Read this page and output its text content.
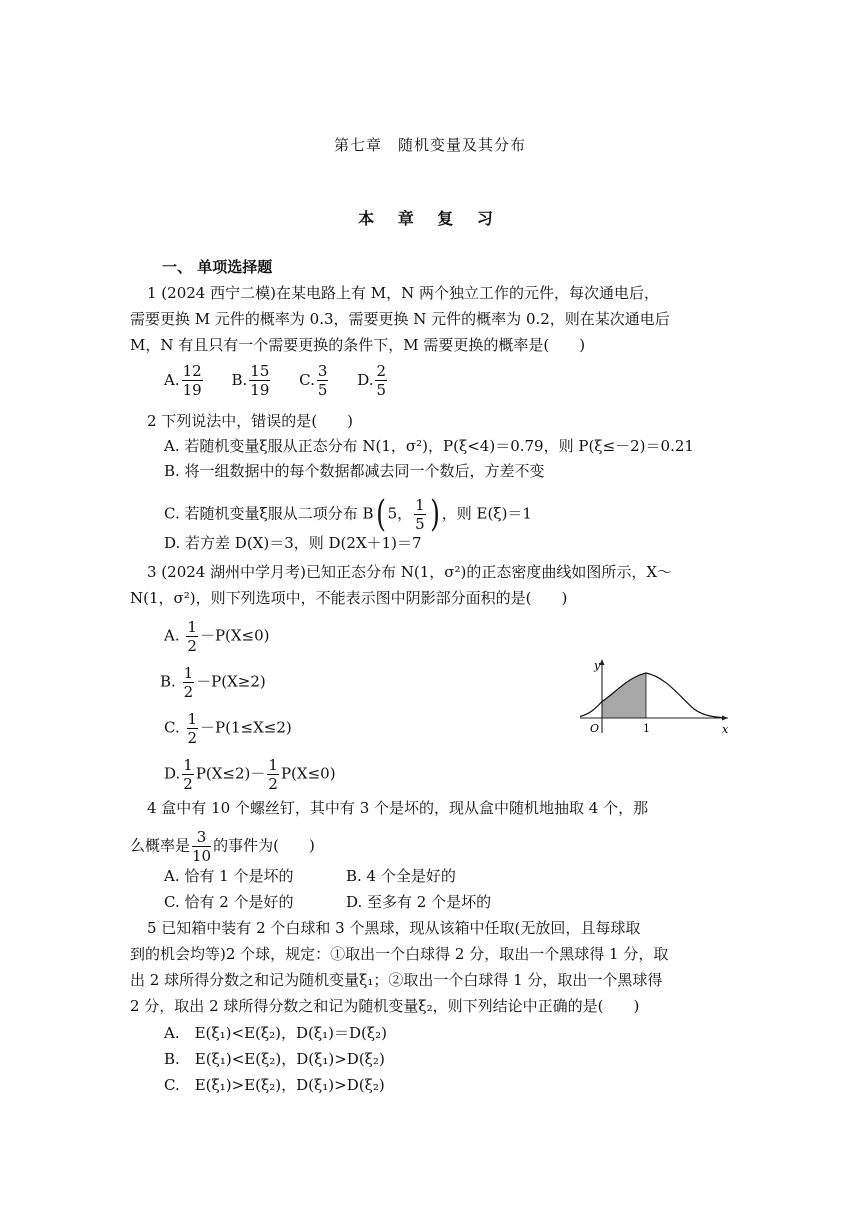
第七章　随机变量及其分布
本 章 复 习
一、 单项选择题
1 (2024 西宁二模)在某电路上有 M，N 两个独立工作的元件，每次通电后，
需要更换 M 元件的概率为 0.3，需要更换 N 元件的概率为 0.2，则在某次通电后
M，N 有且只有一个需要更换的条件下，M 需要更换的概率是(　　)
A. $\frac{12}{19} B$. $\frac{15}{19} C$. $\frac{3}{5} D$. $\frac{2}{5}$
2 下列说法中，错误的是(　　)
A. 若随机变量ξ服从正态分布 N(1，σ²)，P(ξ<4)＝0.79，则 P(ξ≤－2)＝0.21
B. 将一组数据中的每个数据都减去同一个数后，方差不变
C. 若随机变量ξ服从二项分布 B( 5， $\frac{1}{5}$ ) ，则 E(ξ)＝1
D. 若方差 D(X)＝3，则 D(2X＋1)＝7
3 (2024 湖州中学月考)已知正态分布 N(1，σ²)的正态密度曲线如图所示，X～
N(1，σ²)，则下列选项中，不能表示图中阴影部分面积的是(　　)
A. $\frac{1}{2} -P(X\le 0)$
B. $\frac{1}{2} -P(X\ge 2)$
C. $\frac{1}{2} -P(1\le X\le 2)$
D. $\frac{1}{2} P(X\le 2)- \frac{1}{2} P(X\le 0)$
y
x
O	1
4 盒中有 10 个螺丝钉，其中有 3 个是坏的，现从盒中随机地抽取 4 个，那
么概率是 $\frac{3}{10}$ 的事件为(　　)
A. 恰有 1 个是坏的	B. 4 个全是好的
C. 恰有 2 个是好的	D. 至多有 2 个是坏的
5 已知箱中装有 2 个白球和 3 个黑球，现从该箱中任取(无放回，且每球取
到的机会均等)2 个球，规定：①取出一个白球得 2 分，取出一个黑球得 1 分，取
出 2 球所得分数之和记为随机变量ξ₁；②取出一个白球得 1 分，取出一个黑球得
2 分，取出 2 球所得分数之和记为随机变量ξ₂，则下列结论中正确的是(　　)
A.　E(ξ₁)<E(ξ₂)，D(ξ₁)＝D(ξ₂)
B.　E(ξ₁)<E(ξ₂)，D(ξ₁)>D(ξ₂)
C.　E(ξ₁)>E(ξ₂)，D(ξ₁)>D(ξ₂)
